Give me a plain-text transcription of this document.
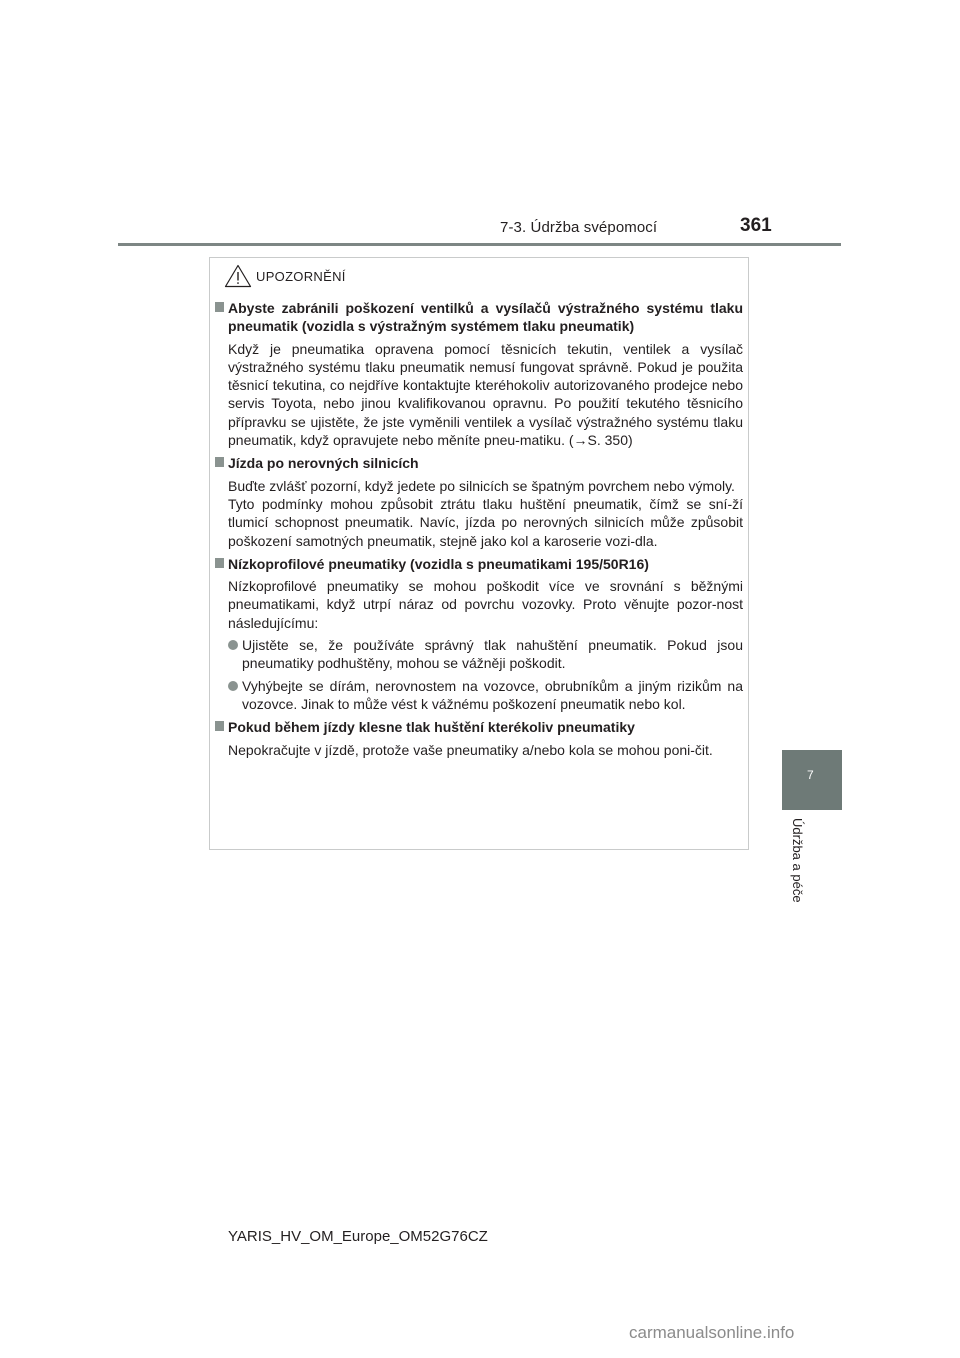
7-3. Údržba svépomocí	361
7
Údržba a péče
UPOZORNĚNÍ
Abyste zabránili poškození ventilků a vysílačů výstražného systému tlaku pneumatik (vozidla s výstražným systémem tlaku pneumatik)
Když je pneumatika opravena pomocí těsnicích tekutin, ventilek a vysílač výstražného systému tlaku pneumatik nemusí fungovat správně. Pokud je použita těsnicí tekutina, co nejdříve kontaktujte kteréhokoliv autorizovaného prodejce nebo servis Toyota, nebo jinou kvalifikovanou opravnu. Po použití tekutého těsnicího přípravku se ujistěte, že jste vyměnili ventilek a vysílač výstražného systému tlaku pneumatik, když opravujete nebo měníte pneu-matiku. (→S. 350)
Jízda po nerovných silnicích
Buďte zvlášť pozorní, když jedete po silnicích se špatným povrchem nebo výmoly.
Tyto podmínky mohou způsobit ztrátu tlaku huštění pneumatik, čímž se sní-ží tlumicí schopnost pneumatik. Navíc, jízda po nerovných silnicích může způsobit poškození samotných pneumatik, stejně jako kol a karoserie vozi-dla.
Nízkoprofilové pneumatiky (vozidla s pneumatikami 195/50R16)
Nízkoprofilové pneumatiky se mohou poškodit více ve srovnání s běžnými pneumatikami, když utrpí náraz od povrchu vozovky. Proto věnujte pozor-nost následujícímu:
Ujistěte se, že používáte správný tlak nahuštění pneumatik. Pokud jsou pneumatiky podhuštěny, mohou se vážněji poškodit.
Vyhýbejte se dírám, nerovnostem na vozovce, obrubníkům a jiným rizikům na vozovce. Jinak to může vést k vážnému poškození pneumatik nebo kol.
Pokud během jízdy klesne tlak huštění kterékoliv pneumatiky
Nepokračujte v jízdě, protože vaše pneumatiky a/nebo kola se mohou poni-čit.
YARIS_HV_OM_Europe_OM52G76CZ
carmanualsonline.info
